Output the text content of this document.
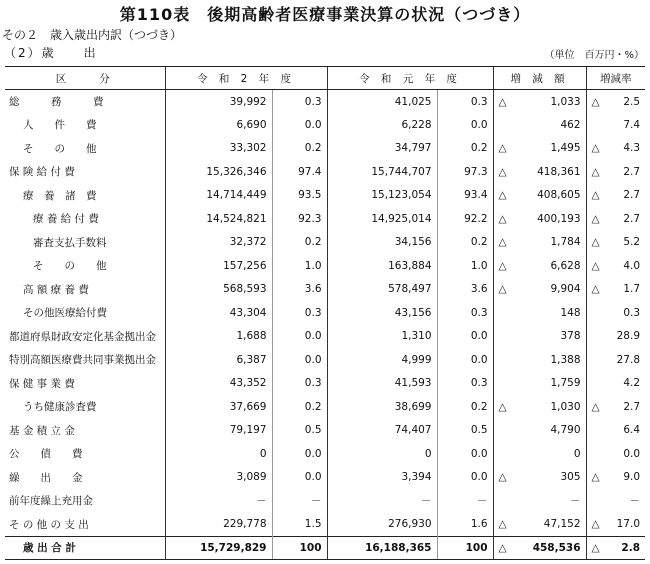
第110表　後期高齢者医療事業決算の状況（つづき）
その２　歳入歳出内訳（つづき）
（2）歳　　出	（単位　百万円・%）
区　　分	令 和 2 年 度		令 和 元 年 度		増 減 額	増減率
総　　　務　　　費	39,992	0.3	41,025	0.3	△ 1,033	△ 2.5
人　　件　　費	6,690	0.0	6,228	0.0	462	7.4
そ　　の　　他	33,302	0.2	34,797	0.2	△ 1,495	△ 4.3
保 険 給 付 費	15,326,346	97.4	15,744,707	97.3	△ 418,361	△ 2.7
療　養　諸　費	14,714,449	93.5	15,123,054	93.4	△ 408,605	△ 2.7
療 養 給 付 費	14,524,821	92.3	14,925,014	92.2	△ 400,193	△ 2.7
審査支払手数料	32,372	0.2	34,156	0.2	△ 1,784	△ 5.2
そ　　の　　他	157,256	1.0	163,884	1.0	△ 6,628	△ 4.0
高 額 療 養 費	568,593	3.6	578,497	3.6	△ 9,904	△ 1.7
その他医療給付費	43,304	0.3	43,156	0.3	148	0.3
都道府県財政安定化基金拠出金	1,688	0.0	1,310	0.0	378	28.9
特別高額医療費共同事業拠出金	6,387	0.0	4,999	0.0	1,388	27.8
保 健 事 業 費	43,352	0.3	41,593	0.3	1,759	4.2
うち健康診査費	37,669	0.2	38,699	0.2	△ 1,030	△ 2.7
基 金 積 立 金	79,197	0.5	74,407	0.5	4,790	6.4
公　　債　　費	0	0.0	0	0.0	0	0.0
繰　　出　　金	3,089	0.0	3,394	0.0	△ 305	△ 9.0
前年度繰上充用金	－	－	－	－	－	－
そ の 他 の 支 出	229,778	1.5	276,930	1.6	△ 47,152	△ 17.0
歳 出 合 計	15,729,829	100	16,188,365	100	△ 458,536	△ 2.8
